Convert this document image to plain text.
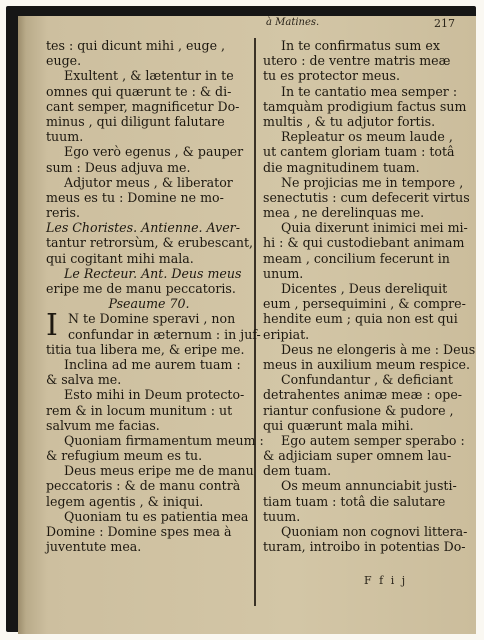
à Matines.	217
I
tes : qui dicunt mihi , euge ,
euge.
Exultent , & lætentur in te
omnes qui quærunt te : & di-
cant semper, magnificetur Do-
minus , qui diligunt falutare
tuum.
Ego verò egenus , & pauper
sum : Deus adjuva me.
Adjutor meus , & liberator
meus es tu : Domine ne mo-
reris.
Les Choristes. Antienne. Aver-
tantur retrorsùm, & erubescant,
qui cogitant mihi mala.
Le Recteur. Ant. Deus meus
eripe me de manu peccatoris.
Pseaume 70.
N te Domine speravi , non
confundar in æternum : in juf-
titia tua libera me, & eripe me.
Inclina ad me aurem tuam :
& salva me.
Esto mihi in Deum protecto-
rem & in locum munitum : ut
salvum me facias.
Quoniam firmamentum meum :
& refugium meum es tu.
Deus meus eripe me de manu
peccatoris : & de manu contrà
legem agentis , & iniqui.
Quoniam tu es patientia mea
Domine : Domine spes mea à
juventute mea.
In te confirmatus sum ex
utero : de ventre matris meæ
tu es protector meus.
In te cantatio mea semper :
tamquàm prodigium factus sum
multis , & tu adjutor fortis.
Repleatur os meum laude ,
ut cantem gloriam tuam : totâ
die magnitudinem tuam.
Ne projicias me in tempore ,
senectutis : cum defecerit virtus
mea , ne derelinquas me.
Quia dixerunt inimici mei mi-
hi : & qui custodiebant animam
meam , concilium fecerunt in
unum.
Dicentes , Deus dereliquit
eum , persequimini , & compre-
hendite eum ; quia non est qui
eripiat.
Deus ne elongeris à me : Deus
meus in auxilium meum respice.
Confundantur , & deficiant
detrahentes animæ meæ : ope-
riantur confusione & pudore ,
qui quærunt mala mihi.
Ego autem semper sperabo :
& adjiciam super omnem lau-
dem tuam.
Os meum annunciabit justi-
tiam tuam : totâ die salutare
tuum.
Quoniam non cognovi littera-
turam, introibo in potentias Do-
F f i j
